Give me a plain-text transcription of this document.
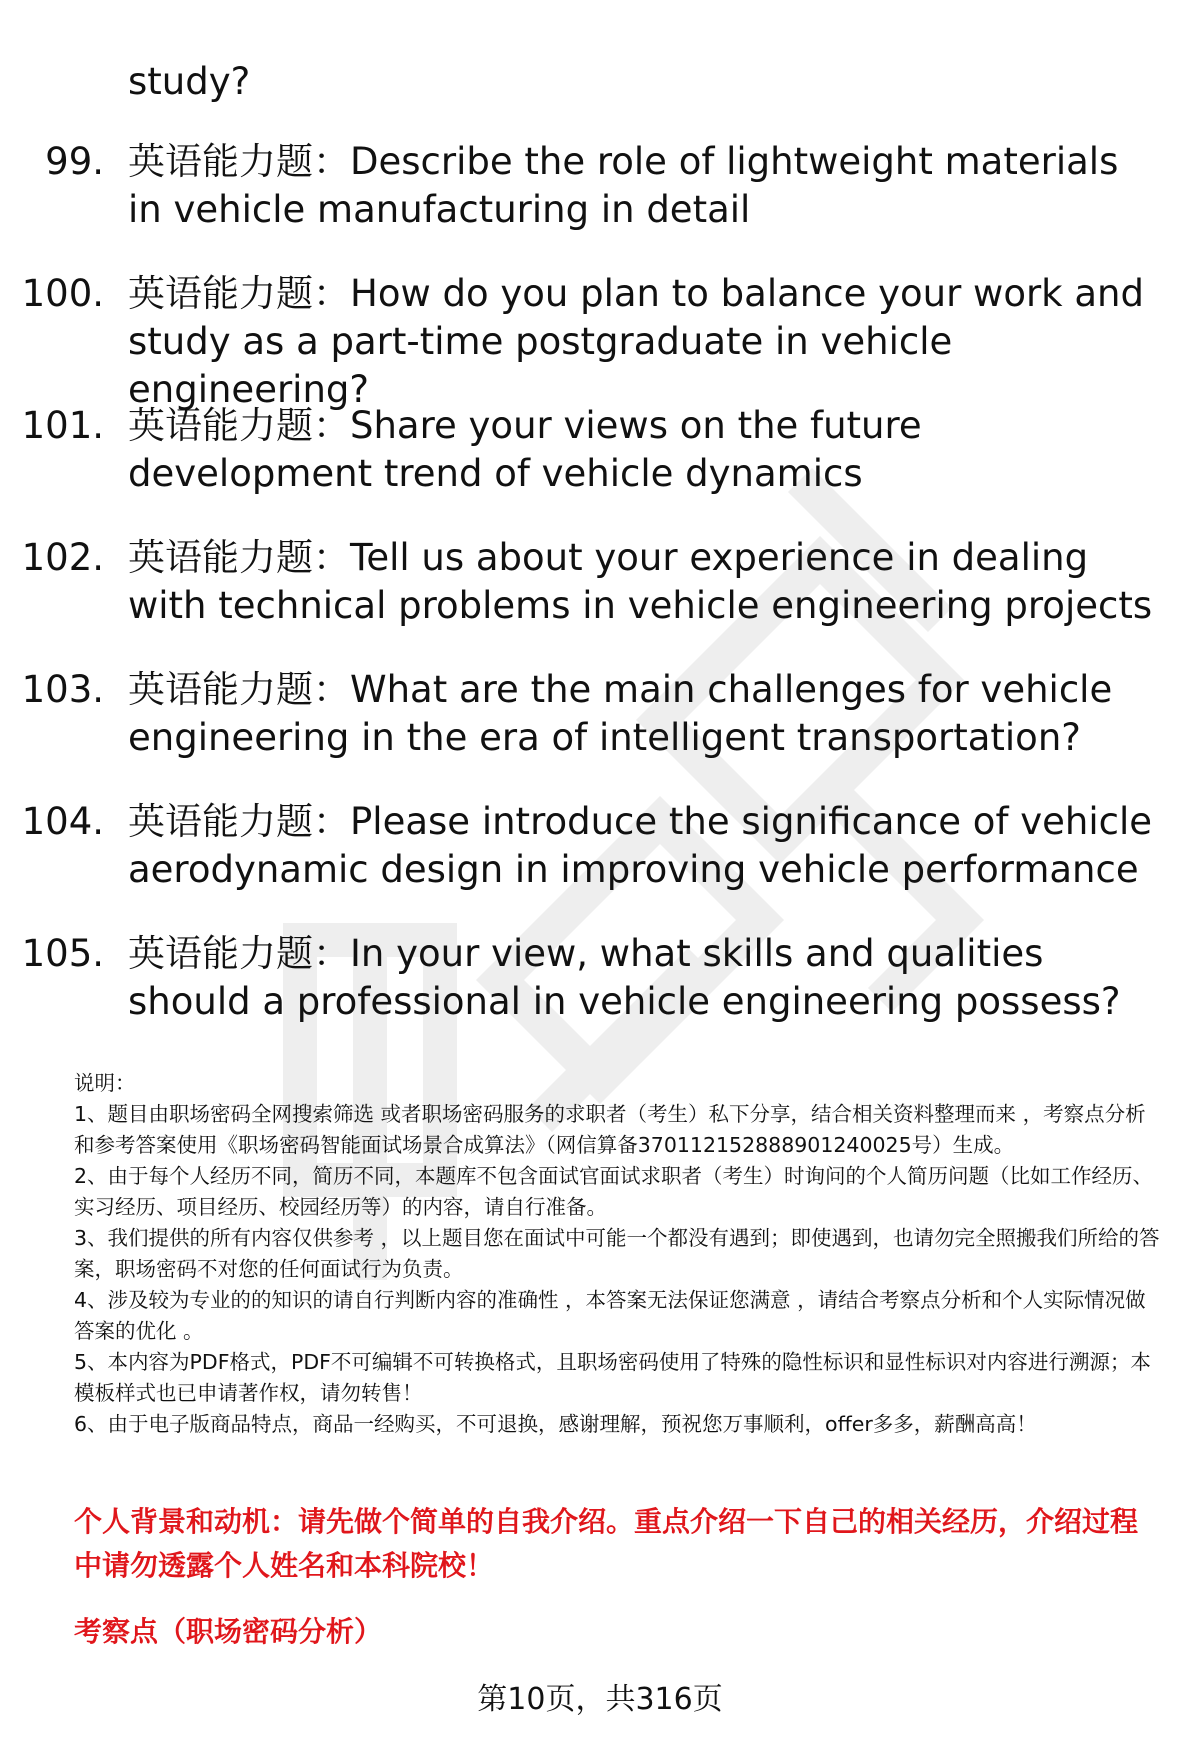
study?

99. 英语能力题：Describe the role of lightweight materials in vehicle manufacturing in detail
100. 英语能力题：How do you plan to balance your work and study as a part-time postgraduate in vehicle engineering?
101. 英语能力题：Share your views on the future development trend of vehicle dynamics
102. 英语能力题：Tell us about your experience in dealing with technical problems in vehicle engineering projects
103. 英语能力题：What are the main challenges for vehicle engineering in the era of intelligent transportation?
104. 英语能力题：Please introduce the significance of vehicle aerodynamic design in improving vehicle performance
105. 英语能力题：In your view, what skills and qualities should a professional in vehicle engineering possess?

说明：

1、题目由职场密码全网搜索筛选 或者职场密码服务的求职者（考生）私下分享，结合相关资料整理而来 ，考察点分析和参考答案使用《职场密码智能面试场景合成算法》（网信算备370112152888901240025号）生成。

2、由于每个人经历不同，简历不同，本题库不包含面试官面试求职者（考生）时询问的个人简历问题（比如工作经历、实习经历、项目经历、校园经历等）的内容，请自行准备。

3、我们提供的所有内容仅供参考 ，以上题目您在面试中可能一个都没有遇到；即使遇到，也请勿完全照搬我们所给的答案，职场密码不对您的任何面试行为负责。

4、涉及较为专业的的知识的请自行判断内容的准确性 ，本答案无法保证您满意 ，请结合考察点分析和个人实际情况做答案的优化 。

5、本内容为PDF格式，PDF不可编辑不可转换格式，且职场密码使用了特殊的隐性标识和显性标识对内容进行溯源；本模板样式也已申请著作权，请勿转售！

6、由于电子版商品特点，商品一经购买，不可退换，感谢理解，预祝您万事顺利，offer多多，薪酬高高！

个人背景和动机：请先做个简单的自我介绍。重点介绍一下自己的相关经历，介绍过程中请勿透露个人姓名和本科院校！

考察点（职场密码分析）

第10页，共316页
